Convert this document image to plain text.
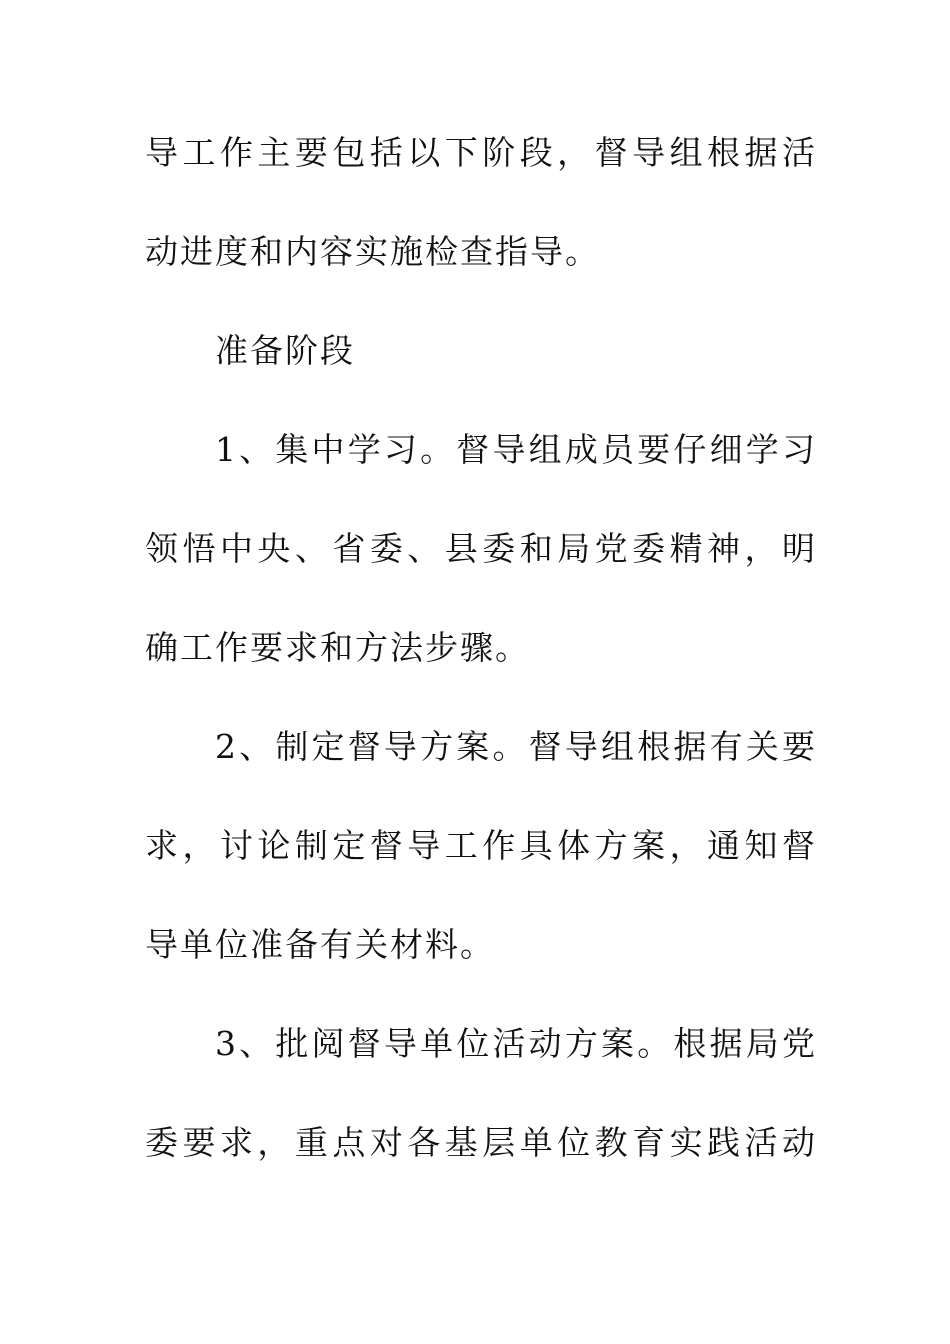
导工作主要包括以下阶段，督导组根据活
动进度和内容实施检查指导。
准备阶段
1、集中学习。督导组成员要仔细学习
领悟中央、省委、县委和局党委精神，明
确工作要求和方法步骤。
2、制定督导方案。督导组根据有关要
求，讨论制定督导工作具体方案，通知督
导单位准备有关材料。
3、批阅督导单位活动方案。根据局党
委要求，重点对各基层单位教育实践活动
